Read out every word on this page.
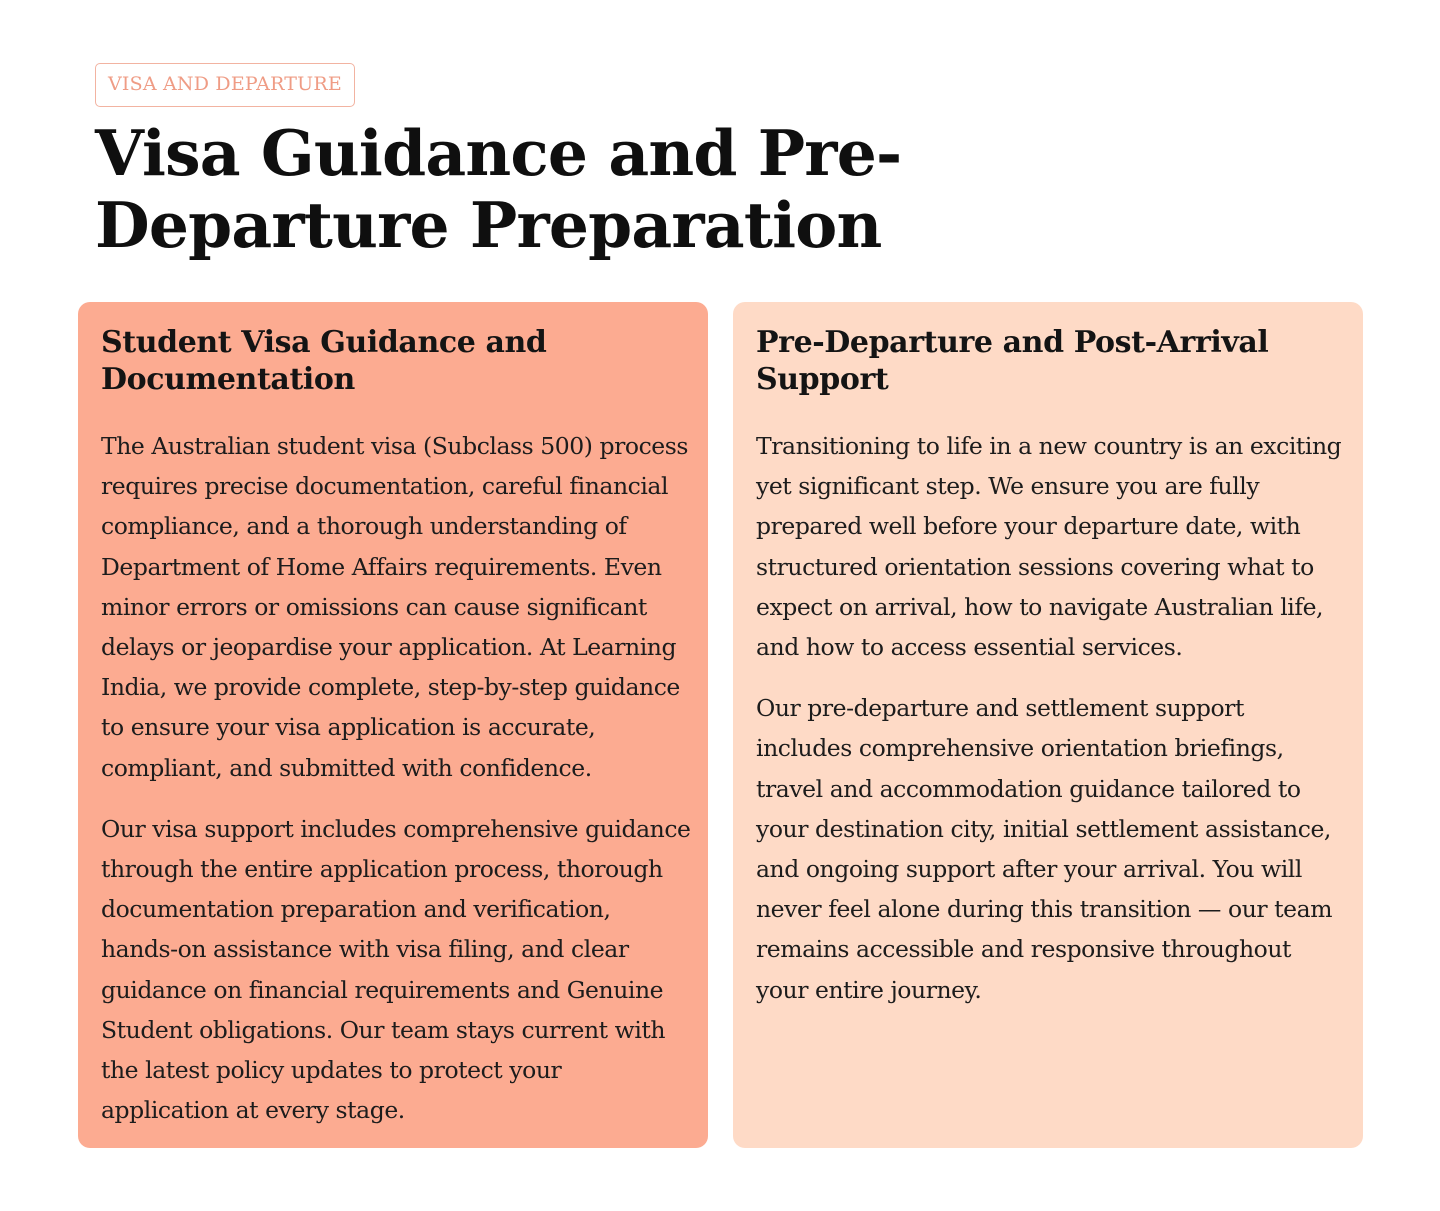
VISA AND DEPARTURE
Visa Guidance and Pre-Departure Preparation
Student Visa Guidance and Documentation

The Australian student visa (Subclass 500) process requires precise documentation, careful financial compliance, and a thorough understanding of Department of Home Affairs requirements. Even minor errors or omissions can cause significant delays or jeopardise your application. At Learning India, we provide complete, step-by-step guidance to ensure your visa application is accurate, compliant, and submitted with confidence.

Our visa support includes comprehensive guidance through the entire application process, thorough documentation preparation and verification, hands-on assistance with visa filing, and clear guidance on financial requirements and Genuine Student obligations. Our team stays current with the latest policy updates to protect your application at every stage.

Pre-Departure and Post-Arrival Support

Transitioning to life in a new country is an exciting yet significant step. We ensure you are fully prepared well before your departure date, with structured orientation sessions covering what to expect on arrival, how to navigate Australian life, and how to access essential services.

Our pre-departure and settlement support includes comprehensive orientation briefings, travel and accommodation guidance tailored to your destination city, initial settlement assistance, and ongoing support after your arrival. You will never feel alone during this transition — our team remains accessible and responsive throughout your entire journey.
